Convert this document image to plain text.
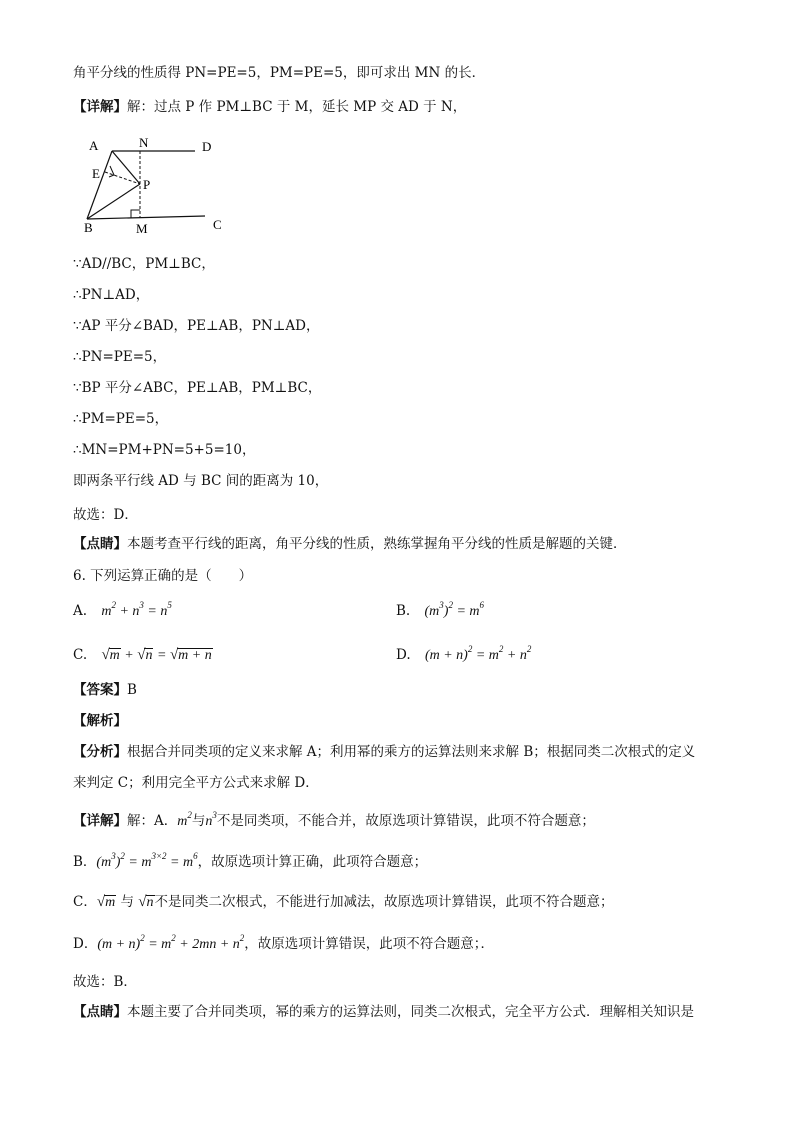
角平分线的性质得 PN=PE=5，PM=PE=5，即可求出 MN 的长．
【详解】解：过点 P 作 PM⊥BC 于 M，延长 MP 交 AD 于 N，
A	N	D
E
P
B	M	C
∵AD//BC，PM⊥BC，
∴PN⊥AD，
∵AP 平分∠BAD，PE⊥AB，PN⊥AD，
∴PN=PE=5，
∵BP 平分∠ABC，PE⊥AB，PM⊥BC，
∴PM=PE=5，
∴MN=PM+PN=5+5=10，
即两条平行线 AD 与 BC 间的距离为 10，
故选：D．
【点睛】本题考查平行线的距离，角平分线的性质，熟练掌握角平分线的性质是解题的关键．
6. 下列运算正确的是（　　）
A. $m^2 + n^3 = n^5$	B. $(m^3)^2 = m^6$
C. √m + √n = √m + n	D. $(m + n)^2 = m^2 + n^2$
【答案】B
【解析】
【分析】根据合并同类项的定义来求解 A；利用幂的乘方的运算法则来求解 B；根据同类二次根式的定义
来判定 C；利用完全平方公式来求解 D．
【详解】解：A．$m^2$与$n^3$不是同类项，不能合并，故原选项计算错误，此项不符合题意；
B．$(m^3)^2 = m^{3\times 2} = m^6$，故原选项计算正确，此项符合题意；
C．√m 与 √n不是同类二次根式，不能进行加减法，故原选项计算错误，此项不符合题意；
D．$(m + n)^2 = m^2 + 2mn + n^2$，故原选项计算错误，此项不符合题意；．
故选：B．
【点睛】本题主要了合并同类项，幂的乘方的运算法则，同类二次根式，完全平方公式．理解相关知识是
